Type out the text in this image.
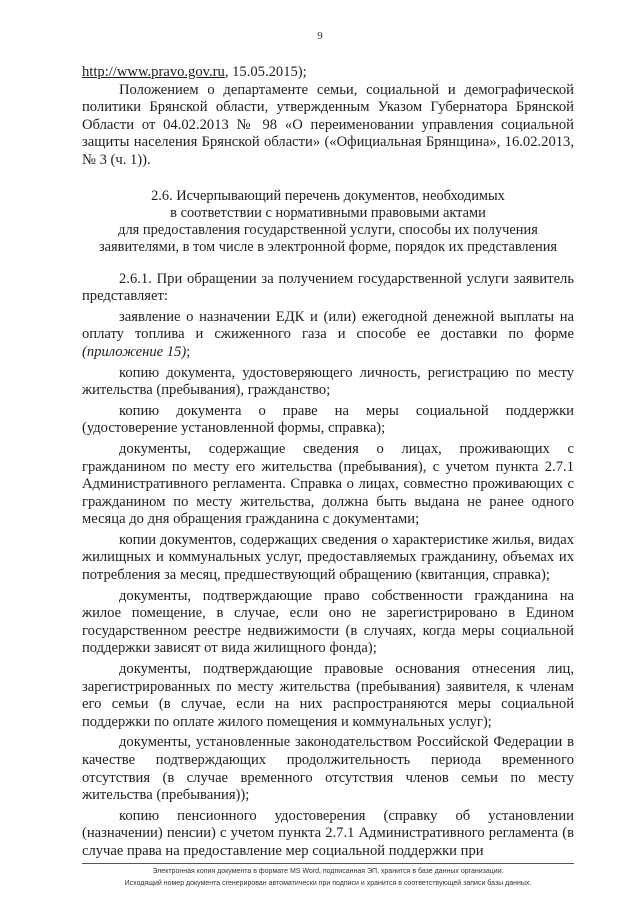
9

http://www.pravo.gov.ru, 15.05.2015);

Положением о департаменте семьи, социальной и демографической политики Брянской области, утвержденным Указом Губернатора Брянской Области от 04.02.2013 № 98 «О переименовании управления социальной защиты населения Брянской области» («Официальная Брянщина», 16.02.2013, № 3 (ч. 1)).

2.6. Исчерпывающий перечень документов, необходимых
в соответствии с нормативными правовыми актами
для предоставления государственной услуги, способы их получения
заявителями, в том числе в электронной форме, порядок их представления

2.6.1. При обращении за получением государственной услуги заявитель представляет:

заявление о назначении ЕДК и (или) ежегодной денежной выплаты на оплату топлива и сжиженного газа и способе ее доставки по форме (приложение 15);

копию документа, удостоверяющего личность, регистрацию по месту жительства (пребывания), гражданство;

копию документа о праве на меры социальной поддержки (удостоверение установленной формы, справка);

документы, содержащие сведения о лицах, проживающих с гражданином по месту его жительства (пребывания), с учетом пункта 2.7.1 Административного регламента. Справка о лицах, совместно проживающих с гражданином по месту жительства, должна быть выдана не ранее одного месяца до дня обращения гражданина с документами;

копии документов, содержащих сведения о характеристике жилья, видах жилищных и коммунальных услуг, предоставляемых гражданину, объемах их потребления за месяц, предшествующий обращению (квитанция, справка);

документы, подтверждающие право собственности гражданина на жилое помещение, в случае, если оно не зарегистрировано в Едином государственном реестре недвижимости (в случаях, когда меры социальной поддержки зависят от вида жилищного фонда);

документы, подтверждающие правовые основания отнесения лиц, зарегистрированных по месту жительства (пребывания) заявителя, к членам его семьи (в случае, если на них распространяются меры социальной поддержки по оплате жилого помещения и коммунальных услуг);

документы, установленные законодательством Российской Федерации в качестве подтверждающих продолжительность периода временного отсутствия (в случае временного отсутствия членов семьи по месту жительства (пребывания));

копию пенсионного удостоверения (справку об установлении (назначении) пенсии) с учетом пункта 2.7.1 Административного регламента (в случае права на предоставление мер социальной поддержки при

Электронная копия документа в формате MS Word, подписанная ЭП, хранится в базе данных организации.
Исходящий номер документа сгенерирован автоматически при подписи и хранится в соответствующей записи базы данных.
